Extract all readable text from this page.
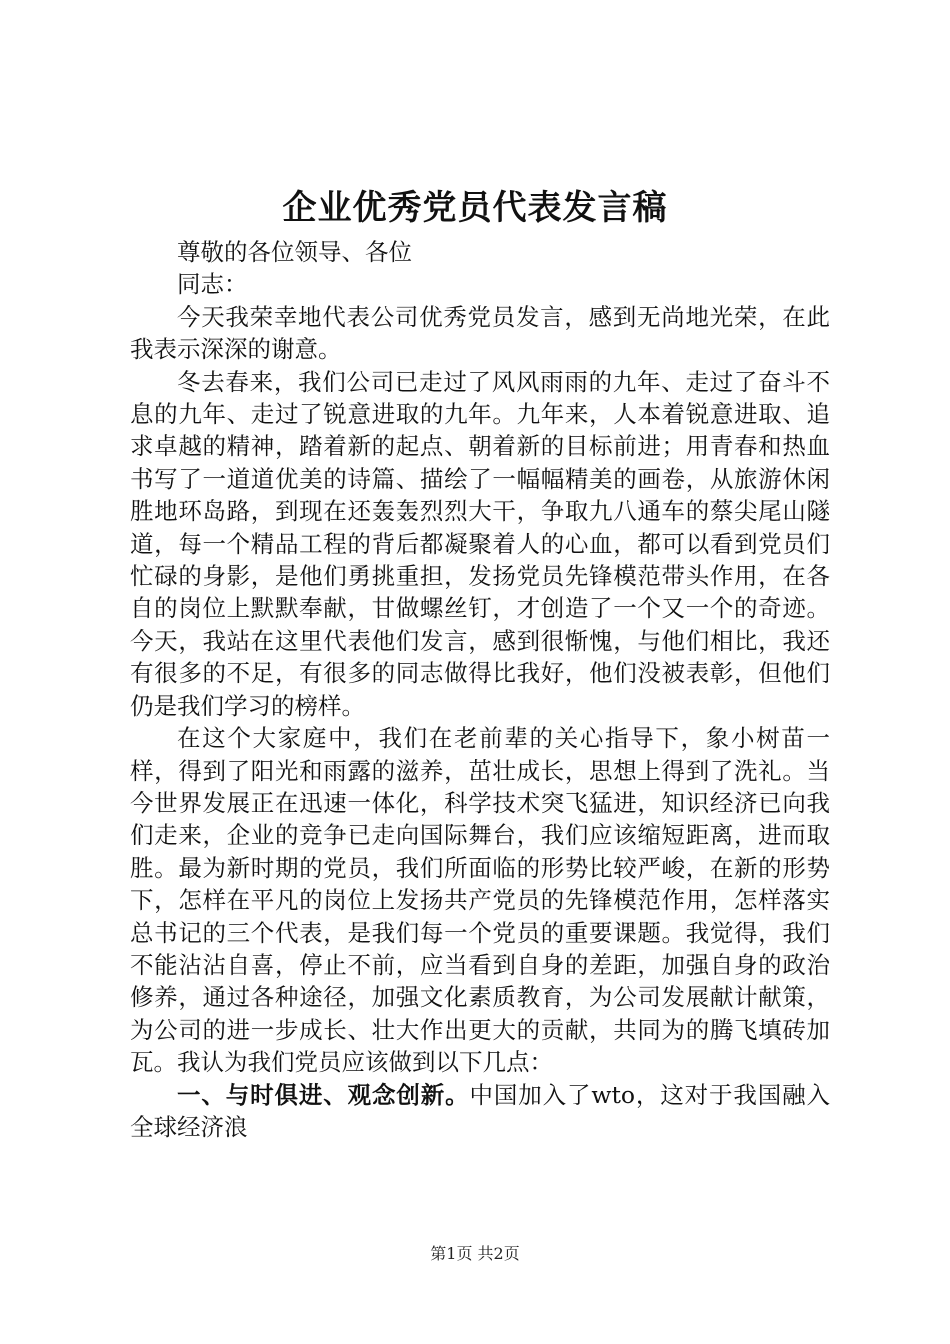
企业优秀党员代表发言稿

尊敬的各位领导、各位

同志：

今天我荣幸地代表公司优秀党员发言，感到无尚地光荣，在此我表示深深的谢意。

冬去春来，我们公司已走过了风风雨雨的九年、走过了奋斗不息的九年、走过了锐意进取的九年。九年来，人本着锐意进取、追求卓越的精神，踏着新的起点、朝着新的目标前进；用青春和热血书写了一道道优美的诗篇、描绘了一幅幅精美的画卷，从旅游休闲胜地环岛路，到现在还轰轰烈烈大干，争取九八通车的蔡尖尾山隧道，每一个精品工程的背后都凝聚着人的心血，都可以看到党员们忙碌的身影，是他们勇挑重担，发扬党员先锋模范带头作用，在各自的岗位上默默奉献，甘做螺丝钉，才创造了一个又一个的奇迹。今天，我站在这里代表他们发言，感到很惭愧，与他们相比，我还有很多的不足，有很多的同志做得比我好，他们没被表彰，但他们仍是我们学习的榜样。

在这个大家庭中，我们在老前辈的关心指导下，象小树苗一样，得到了阳光和雨露的滋养，茁壮成长，思想上得到了洗礼。当今世界发展正在迅速一体化，科学技术突飞猛进，知识经济已向我们走来，企业的竞争已走向国际舞台，我们应该缩短距离，进而取胜。最为新时期的党员，我们所面临的形势比较严峻，在新的形势下，怎样在平凡的岗位上发扬共产党员的先锋模范作用，怎样落实总书记的三个代表，是我们每一个党员的重要课题。我觉得，我们不能沾沾自喜，停止不前，应当看到自身的差距，加强自身的政治修养，通过各种途径，加强文化素质教育，为公司发展献计献策，为公司的进一步成长、壮大作出更大的贡献，共同为的腾飞填砖加瓦。我认为我们党员应该做到以下几点：

一、与时俱进、观念创新。中国加入了wto，这对于我国融入全球经济浪

第1页 共2页
